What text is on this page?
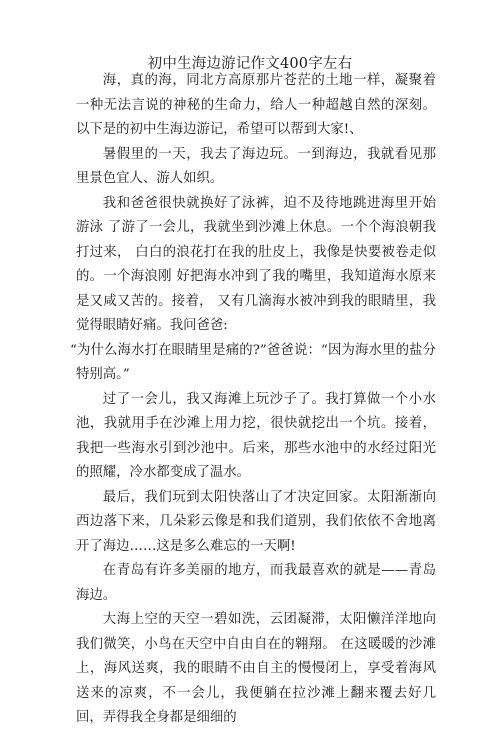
初中生海边游记作文400字左右

海，真的海，同北方高原那片苍茫的土地一样，凝聚着一种无法言说的神秘的生命力，给人一种超越自然的深刻。以下是的初中生海边游记，希望可以帮到大家!、

暑假里的一天，我去了海边玩。一到海边，我就看见那里景色宜人、游人如织。

我和爸爸很快就换好了泳裤，迫不及待地跳进海里开始游泳 了游了一会儿，我就坐到沙滩上休息。一个个海浪朝我打过来， 白白的浪花打在我的肚皮上，我像是快要被卷走似的。一个海浪刚 好把海水冲到了我的嘴里，我知道海水原来是又咸又苦的。接着， 又有几滴海水被冲到我的眼睛里，我觉得眼睛好痛。我问爸爸:

“为什么海水打在眼睛里是痛的?”爸爸说：“因为海水里的盐分特别高。”

过了一会儿，我又海滩上玩沙子了。我打算做一个小水池，我就用手在沙滩上用力挖，很快就挖出一个坑。接着，我把一些海水引到沙池中。后来，那些水池中的水经过阳光的照耀，冷水都变成了温水。

最后，我们玩到太阳快落山了才决定回家。太阳渐渐向西边落下来，几朵彩云像是和我们道别，我们依依不舍地离开了海边……这是多么难忘的一天啊!

在青岛有许多美丽的地方，而我最喜欢的就是——青岛海边。

大海上空的天空一碧如洗，云团凝滞，太阳懒洋洋地向我们微笑，小鸟在天空中自由自在的翱翔。 在这暖暖的沙滩上，海风送爽，我的眼睛不由自主的慢慢闭上，享受着海风送来的凉爽，不一会儿，我便躺在拉沙滩上翻来覆去好几回，弄得我全身都是细细的
